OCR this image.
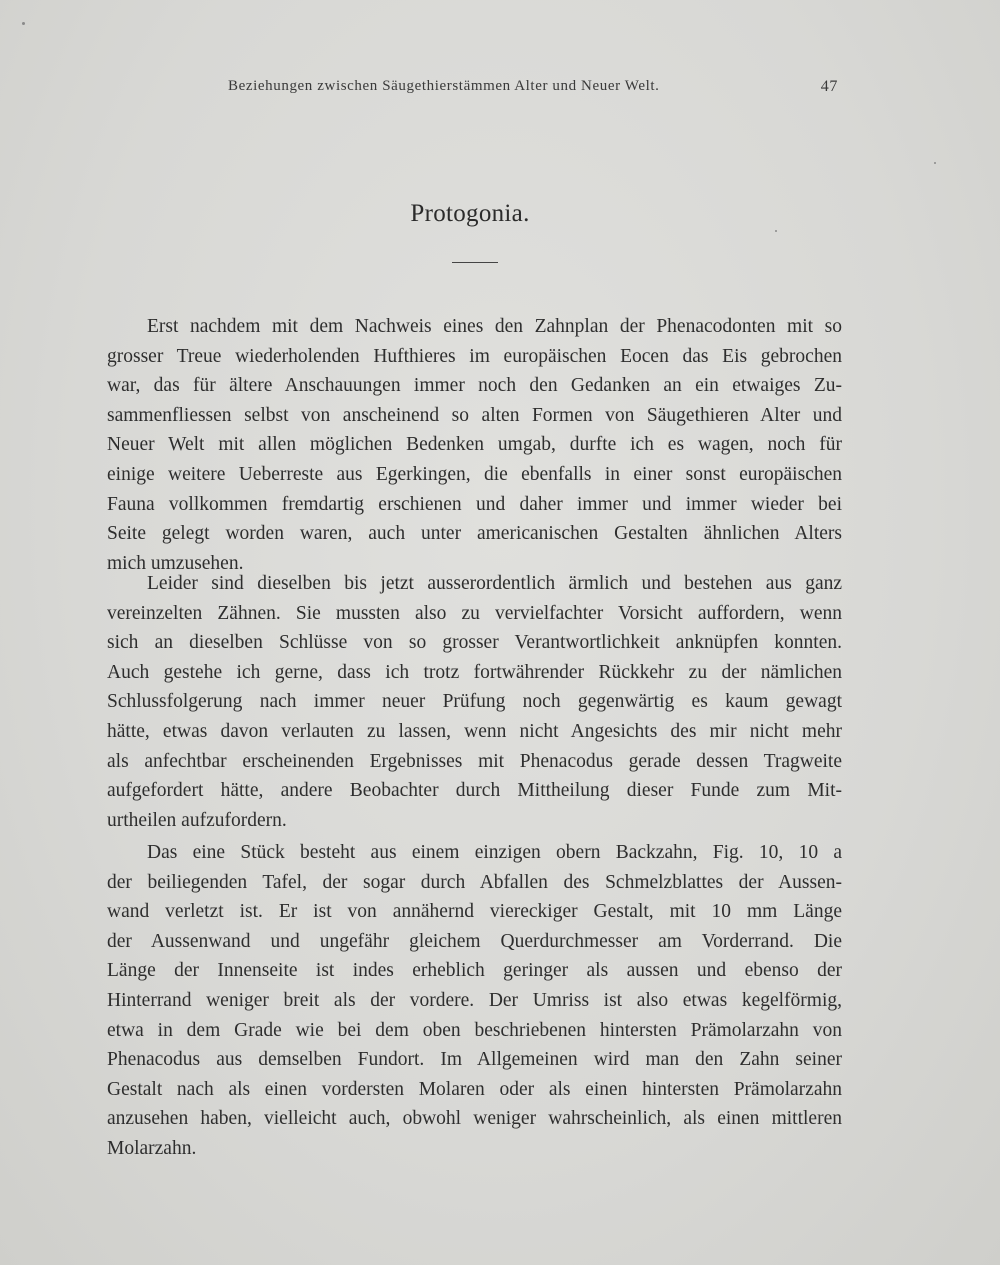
Beziehungen zwischen Säugethierstämmen Alter und Neuer Welt.	47
Protogonia.
Erst nachdem mit dem Nachweis eines den Zahnplan der Phenacodonten mit so
grosser Treue wiederholenden Hufthieres im europäischen Eocen das Eis gebrochen
war, das für ältere Anschauungen immer noch den Gedanken an ein etwaiges Zu-
sammenfliessen selbst von anscheinend so alten Formen von Säugethieren Alter und
Neuer Welt mit allen möglichen Bedenken umgab, durfte ich es wagen, noch für
einige weitere Ueberreste aus Egerkingen, die ebenfalls in einer sonst europäischen
Fauna vollkommen fremdartig erschienen und daher immer und immer wieder bei
Seite gelegt worden waren, auch unter americanischen Gestalten ähnlichen Alters
mich umzusehen.
Leider sind dieselben bis jetzt ausserordentlich ärmlich und bestehen aus ganz
vereinzelten Zähnen. Sie mussten also zu vervielfachter Vorsicht auffordern, wenn
sich an dieselben Schlüsse von so grosser Verantwortlichkeit anknüpfen konnten.
Auch gestehe ich gerne, dass ich trotz fortwährender Rückkehr zu der nämlichen
Schlussfolgerung nach immer neuer Prüfung noch gegenwärtig es kaum gewagt
hätte, etwas davon verlauten zu lassen, wenn nicht Angesichts des mir nicht mehr
als anfechtbar erscheinenden Ergebnisses mit Phenacodus gerade dessen Tragweite
aufgefordert hätte, andere Beobachter durch Mittheilung dieser Funde zum Mit-
urtheilen aufzufordern.
Das eine Stück besteht aus einem einzigen obern Backzahn, Fig. 10, 10 a
der beiliegenden Tafel, der sogar durch Abfallen des Schmelzblattes der Aussen-
wand verletzt ist. Er ist von annähernd viereckiger Gestalt, mit 10 mm Länge
der Aussenwand und ungefähr gleichem Querdurchmesser am Vorderrand. Die
Länge der Innenseite ist indes erheblich geringer als aussen und ebenso der
Hinterrand weniger breit als der vordere. Der Umriss ist also etwas kegelförmig,
etwa in dem Grade wie bei dem oben beschriebenen hintersten Prämolarzahn von
Phenacodus aus demselben Fundort. Im Allgemeinen wird man den Zahn seiner
Gestalt nach als einen vordersten Molaren oder als einen hintersten Prämolarzahn
anzusehen haben, vielleicht auch, obwohl weniger wahrscheinlich, als einen mittleren
Molarzahn.
